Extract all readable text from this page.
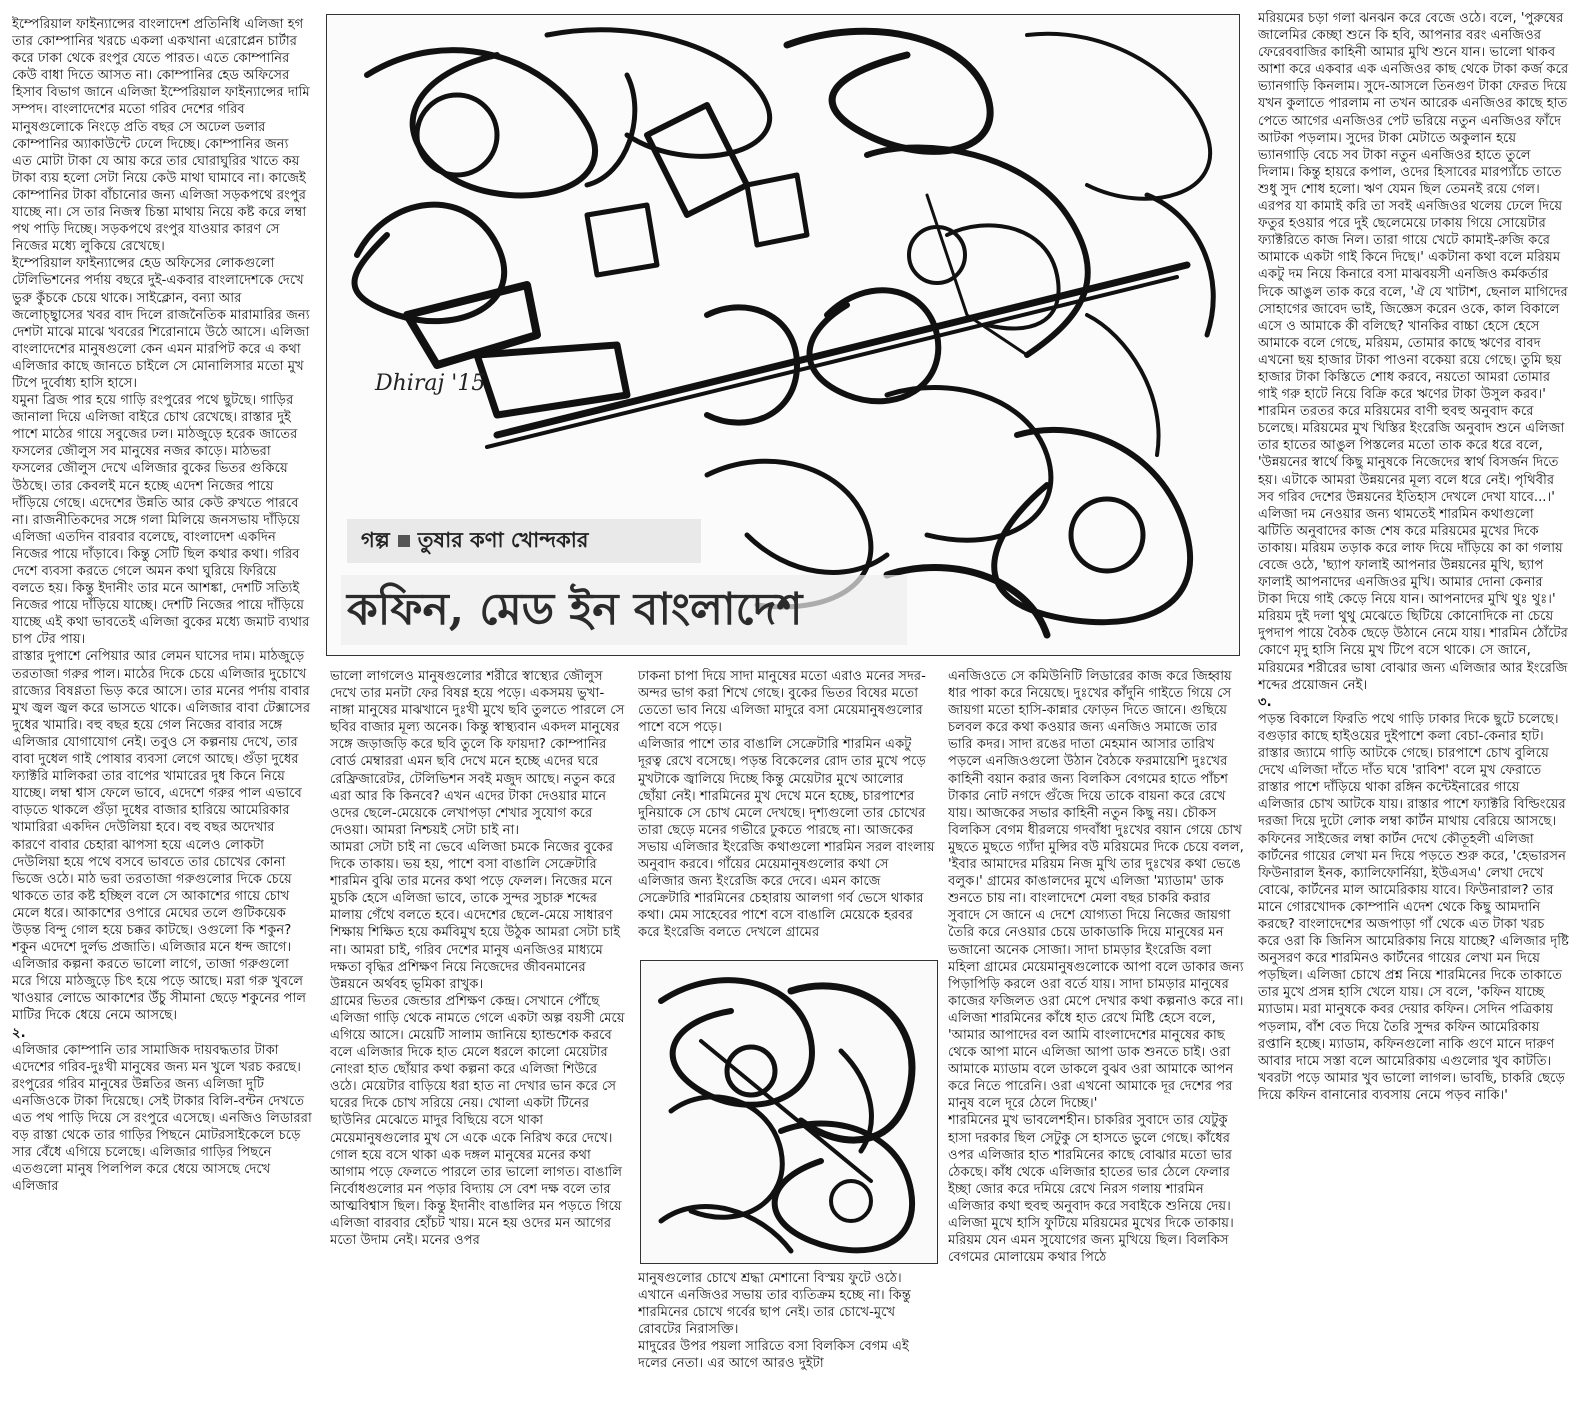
ইম্পেরিয়াল ফাইন্যান্সের বাংলাদেশ প্রতিনিধি এলিজা হগ তার কোম্পানির খরচে একলা একখানা এরোপ্লেন চার্টার করে ঢাকা থেকে রংপুর যেতে পারত। এতে কোম্পানির কেউ বাধা দিতে আসত না। কোম্পানির হেড অফিসের হিসাব বিভাগ জানে এলিজা ইম্পেরিয়াল ফাইন্যান্সের দামি সম্পদ। বাংলাদেশের মতো গরিব দেশের গরিব মানুষগুলোকে নিংড়ে প্রতি বছর সে অঢেল ডলার কোম্পানির অ্যাকাউন্টে ঢেলে দিচ্ছে। কোম্পানির জন্য এত মোটা টাকা যে আয় করে তার ঘোরাঘুরির খাতে কয় টাকা ব্যয় হলো সেটা নিয়ে কেউ মাথা ঘামাবে না। কাজেই কোম্পানির টাকা বাঁচানোর জন্য এলিজা সড়কপথে রংপুর যাচ্ছে না। সে তার নিজস্ব চিন্তা মাথায় নিয়ে কষ্ট করে লম্বা পথ পাড়ি দিচ্ছে। সড়কপথে রংপুর যাওয়ার কারণ সে নিজের মধ্যে লুকিয়ে রেখেছে।

ইম্পেরিয়াল ফাইন্যান্সের হেড অফিসের লোকগুলো টেলিভিশনের পর্দায় বছরে দুই-একবার বাংলাদেশকে দেখে ভুরু কুঁচকে চেয়ে থাকে। সাইক্লোন, বন্যা আর জলোচ্ছ্বাসের খবর বাদ দিলে রাজনৈতিক মারামারির জন্য দেশটা মাঝে মাঝে খবরের শিরোনামে উঠে আসে। এলিজা বাংলাদেশের মানুষগুলো কেন এমন মারপিট করে এ কথা এলিজার কাছে জানতে চাইলে সে মোনালিসার মতো মুখ টিপে দুর্বোধ্য হাসি হাসে।

যমুনা ব্রিজ পার হয়ে গাড়ি রংপুরের পথে ছুটছে। গাড়ির জানালা দিয়ে এলিজা বাইরে চোখ রেখেছে। রাস্তার দুই পাশে মাঠের গায়ে সবুজের ঢল। মাঠজুড়ে হরেক জাতের ফসলের জৌলুস সব মানুষের নজর কাড়ে। মাঠভরা ফসলের জৌলুস দেখে এলিজার বুকের ভিতর গুকিয়ে উঠছে। তার কেবলই মনে হচ্ছে এদেশ নিজের পায়ে দাঁড়িয়ে গেছে। এদেশের উন্নতি আর কেউ রুখতে পারবে না। রাজনীতিকদের সঙ্গে গলা মিলিয়ে জনসভায় দাঁড়িয়ে এলিজা এতদিন বারবার বলেছে, বাংলাদেশ একদিন নিজের পায়ে দাঁড়াবে। কিন্তু সেটি ছিল কথার কথা। গরিব দেশে ব্যবসা করতে গেলে অমন কথা ঘুরিয়ে ফিরিয়ে বলতে হয়। কিন্তু ইদানীং তার মনে আশঙ্কা, দেশটি সত্যিই নিজের পায়ে দাঁড়িয়ে যাচ্ছে। দেশটি নিজের পায়ে দাঁড়িয়ে যাচ্ছে এই কথা ভাবতেই এলিজা বুকের মধ্যে জমাট ব্যথার চাপ টের পায়।

রাস্তার দুপাশে নেপিয়ার আর লেমন ঘাসের দাম। মাঠজুড়ে তরতাজা গরুর পাল। মাঠের দিকে চেয়ে এলিজার দুচোখে রাজ্যের বিষণ্ণতা ভিড় করে আসে। তার মনের পর্দায় বাবার মুখ জ্বল জ্বল করে ভাসতে থাকে। এলিজার বাবা টেক্সাসের দুধের খামারি। বহু বছর হয়ে গেল নিজের বাবার সঙ্গে এলিজার যোগাযোগ নেই। তবুও সে কল্পনায় দেখে, তার বাবা দুধেল গাই পোষার ব্যবসা লেগে আছে। গুঁড়া দুধের ফ্যাক্টরি মালিকরা তার বাপের খামারের দুধ কিনে নিয়ে যাচ্ছে। লম্বা শ্বাস ফেলে ভাবে, এদেশে গরুর পাল এভাবে বাড়তে থাকলে গুঁড়া দুধের বাজার হারিয়ে আমেরিকার খামারিরা একদিন দেউলিয়া হবে। বহু বছর অদেখার কারণে বাবার চেহারা ঝাপসা হয়ে এলেও লোকটা দেউলিয়া হয়ে পথে বসবে ভাবতে তার চোখের কোনা ভিজে ওঠে। মাঠ ভরা তরতাজা গরুগুলোর দিকে চেয়ে থাকতে তার কষ্ট হচ্ছিল বলে সে আকাশের গায়ে চোখ মেলে ধরে। আকাশের ওপারে মেঘের তলে গুটিকয়েক উড়ন্ত বিন্দু গোল হয়ে চক্কর কাটছে। ওগুলো কি শকুন? শকুন এদেশে দুর্লভ প্রজাতি। এলিজার মনে ধন্দ জাগে। এলিজার কল্পনা করতে ভালো লাগে, তাজা গরুগুলো মরে গিয়ে মাঠজুড়ে চিৎ হয়ে পড়ে আছে। মরা গরু খুবলে খাওয়ার লোভে আকাশের উঁচু সীমানা ছেড়ে শকুনের পাল মাটির দিকে ধেয়ে নেমে আসছে।

২.

এলিজার কোম্পানি তার সামাজিক দায়বদ্ধতার টাকা এদেশের গরিব-দুঃখী মানুষের জন্য মন খুলে খরচ করছে। রংপুরের গরিব মানুষের উন্নতির জন্য এলিজা দুটি এনজিওকে টাকা দিয়েছে। সেই টাকার বিলি-বন্টন দেখতে এত পথ পাড়ি দিয়ে সে রংপুরে এসেছে। এনজিও লিডাররা বড় রাস্তা থেকে তার গাড়ির পিছনে মোটরসাইকেলে চড়ে সার বেঁধে এগিয়ে চলেছে। এলিজার গাড়ির পিছনে এতগুলো মানুষ পিলপিল করে ধেয়ে আসছে দেখে এলিজার

Dhiraj '15
গল্প তুষার কণা খোন্দকার
কফিন, মেড ইন বাংলাদেশ

ভালো লাগলেও মানুষগুলোর শরীরে স্বাস্থ্যের জৌলুস দেখে তার মনটা ফের বিষণ্ণ হয়ে পড়ে। একসময় ভুখা-নাঙ্গা মানুষের মাঝখানে দুঃখী মুখে ছবি তুলতে পারলে সে ছবির বাজার মূল্য অনেক। কিন্তু স্বাস্থ্যবান একদল মানুষের সঙ্গে জড়াজড়ি করে ছবি তুলে কি ফায়দা? কোম্পানির বোর্ড মেম্বাররা এমন ছবি দেখে মনে হচ্ছে এদের ঘরে রেফ্রিজারেটর, টেলিভিশন সবই মজুদ আছে। নতুন করে এরা আর কি কিনবে? এখন এদের টাকা দেওয়ার মানে ওদের ছেলে-মেয়েকে লেখাপড়া শেখার সুযোগ করে দেওয়া। আমরা নিশ্চয়ই সেটা চাই না।

আমরা সেটা চাই না ভেবে এলিজা চমকে নিজের বুকের দিকে তাকায়। ভয় হয়, পাশে বসা বাঙালি সেক্রেটারি শারমিন বুঝি তার মনের কথা পড়ে ফেলল। নিজের মনে মুচকি হেসে এলিজা ভাবে, তাকে সুন্দর সুচারু শব্দের মালায় গেঁথে বলতে হবে। এদেশের ছেলে-মেয়ে সাধারণ শিক্ষায় শিক্ষিত হয়ে কর্মবিমুখ হয়ে উঠুক আমরা সেটা চাই না। আমরা চাই, গরিব দেশের মানুষ এনজিওর মাধ্যমে দক্ষতা বৃদ্ধির প্রশিক্ষণ নিয়ে নিজেদের জীবনমানের উন্নয়নে অর্থবহ ভূমিকা রাখুক।

গ্রামের ভিতর জেন্ডার প্রশিক্ষণ কেন্দ্র। সেখানে পৌঁছে এলিজা গাড়ি থেকে নামতে গেলে একটা অল্প বয়সী মেয়ে এগিয়ে আসে। মেয়েটি সালাম জানিয়ে হ্যান্ডশেক করবে বলে এলিজার দিকে হাত মেলে ধরলে কালো মেয়েটার নোংরা হাত ছোঁয়ার কথা কল্পনা করে এলিজা শিউরে ওঠে। মেয়েটার বাড়িয়ে ধরা হাত না দেখার ভান করে সে ঘরের দিকে চোখ সরিয়ে নেয়। খোলা একটা টিনের ছাউনির মেঝেতে মাদুর বিছিয়ে বসে থাকা মেয়েমানুষগুলোর মুখ সে একে একে নিরিখ করে দেখে। গোল হয়ে বসে থাকা এক দঙ্গল মানুষের মনের কথা আগাম পড়ে ফেলতে পারলে তার ভালো লাগত। বাঙালি নির্বোধগুলোর মন পড়ার বিদ্যায় সে বেশ দক্ষ বলে তার আত্মবিশ্বাস ছিল। কিন্তু ইদানীং বাঙালির মন পড়তে গিয়ে এলিজা বারবার হোঁচট খায়। মনে হয় ওদের মন আগের মতো উদাম নেই। মনের ওপর

ঢাকনা চাপা দিয়ে সাদা মানুষের মতো এরাও মনের সদর-অন্দর ভাগ করা শিখে গেছে। বুকের ভিতর বিষের মতো তেতো ভাব নিয়ে এলিজা মাদুরে বসা মেয়েমানুষগুলোর পাশে বসে পড়ে।

এলিজার পাশে তার বাঙালি সেক্রেটারি শারমিন একটু দূরত্ব রেখে বসেছে। পড়ন্ত বিকেলের রোদ তার মুখে পড়ে মুখটাকে জ্বালিয়ে দিচ্ছে কিন্তু মেয়েটার মুখে আলোর ছোঁয়া নেই। শারমিনের মুখ দেখে মনে হচ্ছে, চারপাশের দুনিয়াকে সে চোখ মেলে দেখছে। দৃশ্যগুলো তার চোখের তারা ছেড়ে মনের গভীরে ঢুকতে পারছে না। আজকের সভায় এলিজার ইংরেজি কথাগুলো শারমিন সরল বাংলায় অনুবাদ করবে। গাঁয়ের মেয়েমানুষগুলোর কথা সে এলিজার জন্য ইংরেজি করে দেবে। এমন কাজে সেক্রেটারি শারমিনের চেহারায় আলগা গর্ব ভেসে থাকার কথা। মেম সাহেবের পাশে বসে বাঙালি মেয়েকে হরবর করে ইংরেজি বলতে দেখলে গ্রামের

মানুষগুলোর চোখে শ্রদ্ধা মেশানো বিস্ময় ফুটে ওঠে। এখানে এনজিওর সভায় তার ব্যতিক্রম হচ্ছে না। কিন্তু শারমিনের চোখে গর্বের ছাপ নেই। তার চোখে-মুখে রোবটের নিরাসক্তি।

মাদুরের উপর পয়লা সারিতে বসা বিলকিস বেগম এই দলের নেতা। এর আগে আরও দুইটা

এনজিওতে সে কমিউনিটি লিডারের কাজ করে জিহ্বায় ধার পাকা করে নিয়েছে। দুঃখের কাঁদুনি গাইতে গিয়ে সে জায়গা মতো হাসি-কান্নার ফোড়ন দিতে জানে। গুছিয়ে চলবল করে কথা কওয়ার জন্য এনজিও সমাজে তার ভারি কদর। সাদা রঙের দাতা মেহমান আসার তারিখ পড়লে এনজিওগুলো উঠান বৈঠকে ফরমায়েশি দুঃখের কাহিনী বয়ান করার জন্য বিলকিস বেগমের হাতে পাঁচশ টাকার নোট নগদে গুঁজে দিয়ে তাকে বায়না করে রেখে যায়। আজকের সভার কাহিনী নতুন কিছু নয়। চৌকস বিলকিস বেগম ধীরলয়ে গদবাঁধা দুঃখের বয়ান গেয়ে চোখ মুছতে মুছতে গ্যাঁদা মুন্সির বউ মরিয়মের দিকে চেয়ে বলল, 'ইবার আমাদের মরিয়ম নিজ মুখি তার দুঃখের কথা ভেঙে বলুক।' গ্রামের কাঙালদের মুখে এলিজা 'ম্যাডাম' ডাক শুনতে চায় না। বাংলাদেশে মেলা বছর চাকরি করার সুবাদে সে জানে এ দেশে যোগ্যতা দিয়ে নিজের জায়গা তৈরি করে নেওয়ার চেয়ে ডাকাডাকি দিয়ে মানুষের মন ভজানো অনেক সোজা। সাদা চামড়ার ইংরেজি বলা মহিলা গ্রামের মেয়েমানুষগুলোকে আপা বলে ডাকার জন্য পিড়াপিড়ি করলে ওরা বর্তে যায়। সাদা চামড়ার মানুষের কাজের ফজিলত ওরা মেপে দেখার কথা কল্পনাও করে না। এলিজা শারমিনের কাঁধে হাত রেখে মিষ্টি হেসে বলে, 'আমার আপাদের বল আমি বাংলাদেশের মানুষের কাছ থেকে আপা মানে এলিজা আপা ডাক শুনতে চাই। ওরা আমাকে ম্যাডাম বলে ডাকলে বুঝব ওরা আমাকে আপন করে নিতে পারেনি। ওরা এখনো আমাকে দূর দেশের পর মানুষ বলে দূরে ঠেলে দিচ্ছে।'

শারমিনের মুখ ভাবলেশহীন। চাকরির সুবাদে তার যেটুকু হাসা দরকার ছিল সেটুকু সে হাসতে ভুলে গেছে। কাঁধের ওপর এলিজার হাত শারমিনের কাছে বোঝার মতো ভার ঠেকছে। কাঁধ থেকে এলিজার হাতের ভার ঠেলে ফেলার ইচ্ছা জোর করে দমিয়ে রেখে নিরস গলায় শারমিন এলিজার কথা হুবহু অনুবাদ করে সবাইকে শুনিয়ে দেয়।

এলিজা মুখে হাসি ফুটিয়ে মরিয়মের মুখের দিকে তাকায়। মরিয়ম যেন এমন সুযোগের জন্য মুখিয়ে ছিল। বিলকিস বেগমের মোলায়েম কথার পিঠে

মরিয়মের চড়া গলা ঝনঝন করে বেজে ওঠে। বলে, 'পুরুষের জালেমির কেচ্ছা শুনে কি হবি, আপনার বরং এনজিওর ফেরেববাজির কাহিনী আমার মুখি শুনে যান। ভালো থাকব আশা করে একবার এক এনজিওর কাছ থেকে টাকা কর্জ করে ভ্যানগাড়ি কিনলাম। সুদে-আসলে তিনগুণ টাকা ফেরত দিয়ে যখন কুলাতে পারলাম না তখন আরেক এনজিওর কাছে হাত পেতে আগের এনজিওর পেট ভরিয়ে নতুন এনজিওর ফাঁদে আটকা পড়লাম। সুদের টাকা মেটাতে অকুলান হয়ে ভ্যানগাড়ি বেচে সব টাকা নতুন এনজিওর হাতে তুলে দিলাম। কিন্তু হায়রে কপাল, ওদের হিসাবের মারপ্যাঁচে তাতে শুধু সুদ শোধ হলো। ঋণ যেমন ছিল তেমনই রয়ে গেল। এরপর যা কামাই করি তা সবই এনজিওর থলেয় ঢেলে দিয়ে ফতুর হওয়ার পরে দুই ছেলেমেয়ে ঢাকায় গিয়ে সোয়েটার ফ্যাক্টরিতে কাজ নিল। তারা গায়ে খেটে কামাই-রুজি করে আমাকে একটা গাই কিনে দিছে।' একটানা কথা বলে মরিয়ম একটু দম নিয়ে কিনারে বসা মাঝবয়সী এনজিও কর্মকর্তার দিকে আঙুল তাক করে বলে, 'ঐ যে খাটাশ, ছেনাল মাগিদের সোহাগের জাবেদ ভাই, জিজ্ঞেস করেন ওকে, কাল বিকালে এসে ও আমাকে কী বলিছে? খানকির বাচ্চা হেসে হেসে আমাকে বলে গেছে, মরিয়ম, তোমার কাছে ঋণের বাবদ এখনো ছয় হাজার টাকা পাওনা বকেয়া রয়ে গেছে। তুমি ছয় হাজার টাকা কিস্তিতে শোধ করবে, নয়তো আমরা তোমার গাই গরু হাটে নিয়ে বিক্রি করে ঋণের টাকা উসুল করব।'

শারমিন তরতর করে মরিয়মের বাণী হুবহু অনুবাদ করে চলেছে। মরিয়মের মুখ খিস্তির ইংরেজি অনুবাদ শুনে এলিজা তার হাতের আঙুল পিস্তলের মতো তাক করে ধরে বলে, 'উন্নয়নের স্বার্থে কিছু মানুষকে নিজেদের স্বার্থ বিসর্জন দিতে হয়। এটাকে আমরা উন্নয়নের মূল্য বলে ধরে নেই। পৃথিবীর সব গরিব দেশের উন্নয়নের ইতিহাস দেখলে দেখা যাবে...।' এলিজা দম নেওয়ার জন্য থামতেই শারমিন কথাগুলো ঝটিতি অনুবাদের কাজ শেষ করে মরিয়মের মুখের দিকে তাকায়। মরিয়ম তড়াক করে লাফ দিয়ে দাঁড়িয়ে কা কা গলায় বেজে ওঠে, 'ছ্যাপ ফালাই আপনার উন্নয়নের মুখি, ছ্যাপ ফালাই আপনাদের এনজিওর মুখি। আমার দোনা কেনার টাকা দিয়ে গাই কেড়ে নিয়ে যান। আপনাদের মুখি থুঃ থুঃ।' মরিয়ম দুই দলা থুথু মেঝেতে ছিটিয়ে কোনোদিকে না চেয়ে দুপদাপ পায়ে বৈঠক ছেড়ে উঠানে নেমে যায়। শারমিন ঠোঁটের কোণে মৃদু হাসি নিয়ে মুখ টিপে বসে থাকে। সে জানে, মরিয়মের শরীরের ভাষা বোঝার জন্য এলিজার আর ইংরেজি শব্দের প্রয়োজন নেই।

৩.

পড়ন্ত বিকালে ফিরতি পথে গাড়ি ঢাকার দিকে ছুটে চলেছে। বগুড়ার কাছে হাইওয়ের দুইপাশে কলা বেচা-কেনার হাট। রাস্তার জ্যামে গাড়ি আটকে গেছে। চারপাশে চোখ বুলিয়ে দেখে এলিজা দাঁতে দাঁত ঘষে 'রাবিশ' বলে মুখ ফেরাতে রাস্তার পাশে দাঁড়িয়ে থাকা রঙ্গিন কন্টেইনারের গায়ে এলিজার চোখ আটকে যায়। রাস্তার পাশে ফ্যাক্টরি বিল্ডিংয়ের দরজা দিয়ে দুটো লোক লম্বা কার্টন মাথায় বেরিয়ে আসছে। কফিনের সাইজের লম্বা কার্টন দেখে কৌতূহলী এলিজা কার্টনের গায়ের লেখা মন দিয়ে পড়তে শুরু করে, 'হেভারসন ফিউনারাল ইনক, ক্যালিফোর্নিয়া, ইউএসএ' লেখা দেখে বোঝে, কার্টনের মাল আমেরিকায় যাবে। ফিউনারাল? তার মানে গোরখোদক কোম্পানি এদেশ থেকে কিছু আমদানি করছে? বাংলাদেশের অজপাড়া গাঁ থেকে এত টাকা খরচ করে ওরা কি জিনিস আমেরিকায় নিয়ে যাচ্ছে? এলিজার দৃষ্টি অনুসরণ করে শারমিনও কার্টনের গায়ের লেখা মন দিয়ে পড়ছিল। এলিজা চোখে প্রশ্ন নিয়ে শারমিনের দিকে তাকাতে তার মুখে প্রসন্ন হাসি খেলে যায়। সে বলে, 'কফিন যাচ্ছে ম্যাডাম। মরা মানুষকে কবর দেয়ার কফিন। সেদিন পত্রিকায় পড়লাম, বাঁশ বেত দিয়ে তৈরি সুন্দর কফিন আমেরিকায় রপ্তানি হচ্ছে। ম্যাডাম, কফিনগুলো নাকি গুণে মানে দারুণ আবার দামে সস্তা বলে আমেরিকায় এগুলোর খুব কাটতি। খবরটা পড়ে আমার খুব ভালো লাগল। ভাবছি, চাকরি ছেড়ে দিয়ে কফিন বানানোর ব্যবসায় নেমে পড়ব নাকি।'
